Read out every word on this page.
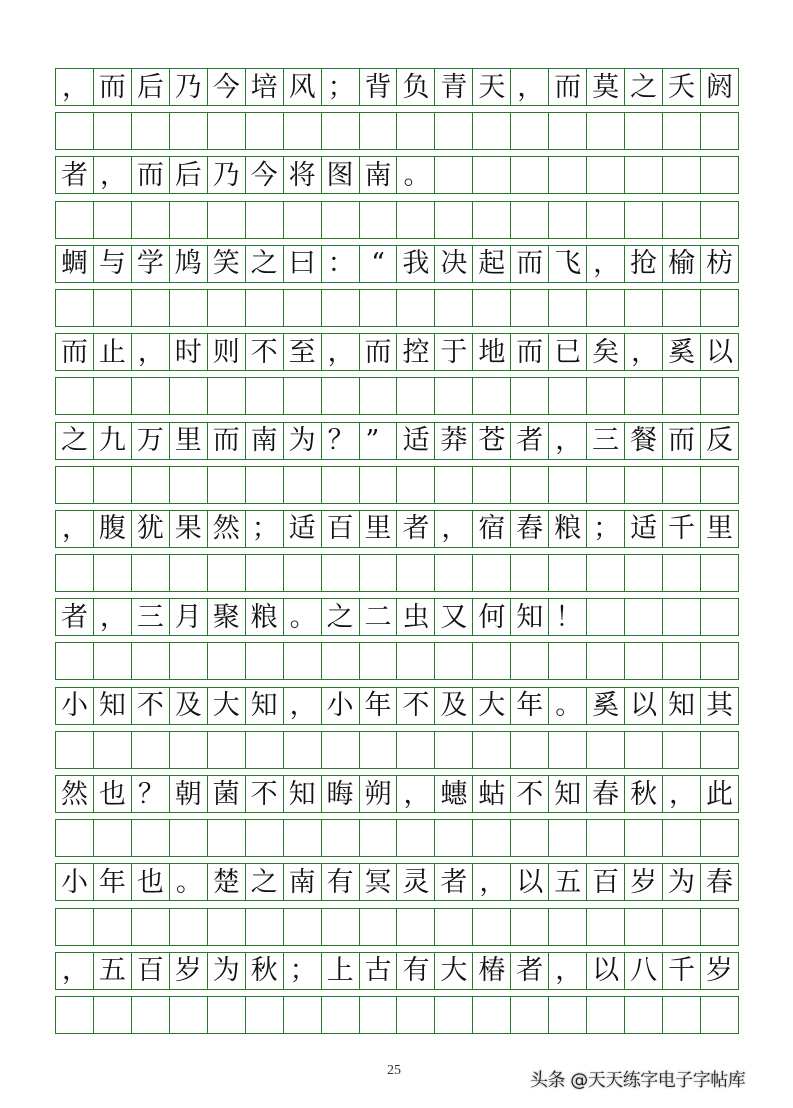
， 而 后 乃 今 培 风 ； 背 负 青 天 ， 而 莫 之 夭 阏
者 ， 而 后 乃 今 将 图 南 。
蜩 与 学 鸠 笑 之 曰 ： “ 我 决 起 而 飞 ， 抢 榆 枋
而 止 ， 时 则 不 至 ， 而 控 于 地 而 已 矣 ， 奚 以
之 九 万 里 而 南 为 ？ ” 适 莽 苍 者 ， 三 餐 而 反
， 腹 犹 果 然 ； 适 百 里 者 ， 宿 舂 粮 ； 适 千 里
者 ， 三 月 聚 粮 。 之 二 虫 又 何 知 ！
小 知 不 及 大 知 ， 小 年 不 及 大 年 。 奚 以 知 其
然 也 ？ 朝 菌 不 知 晦 朔 ， 蟪 蛄 不 知 春 秋 ， 此
小 年 也 。 楚 之 南 有 冥 灵 者 ， 以 五 百 岁 为 春
， 五 百 岁 为 秋 ； 上 古 有 大 椿 者 ， 以 八 千 岁
25	头条 @天天练字电子字帖库
